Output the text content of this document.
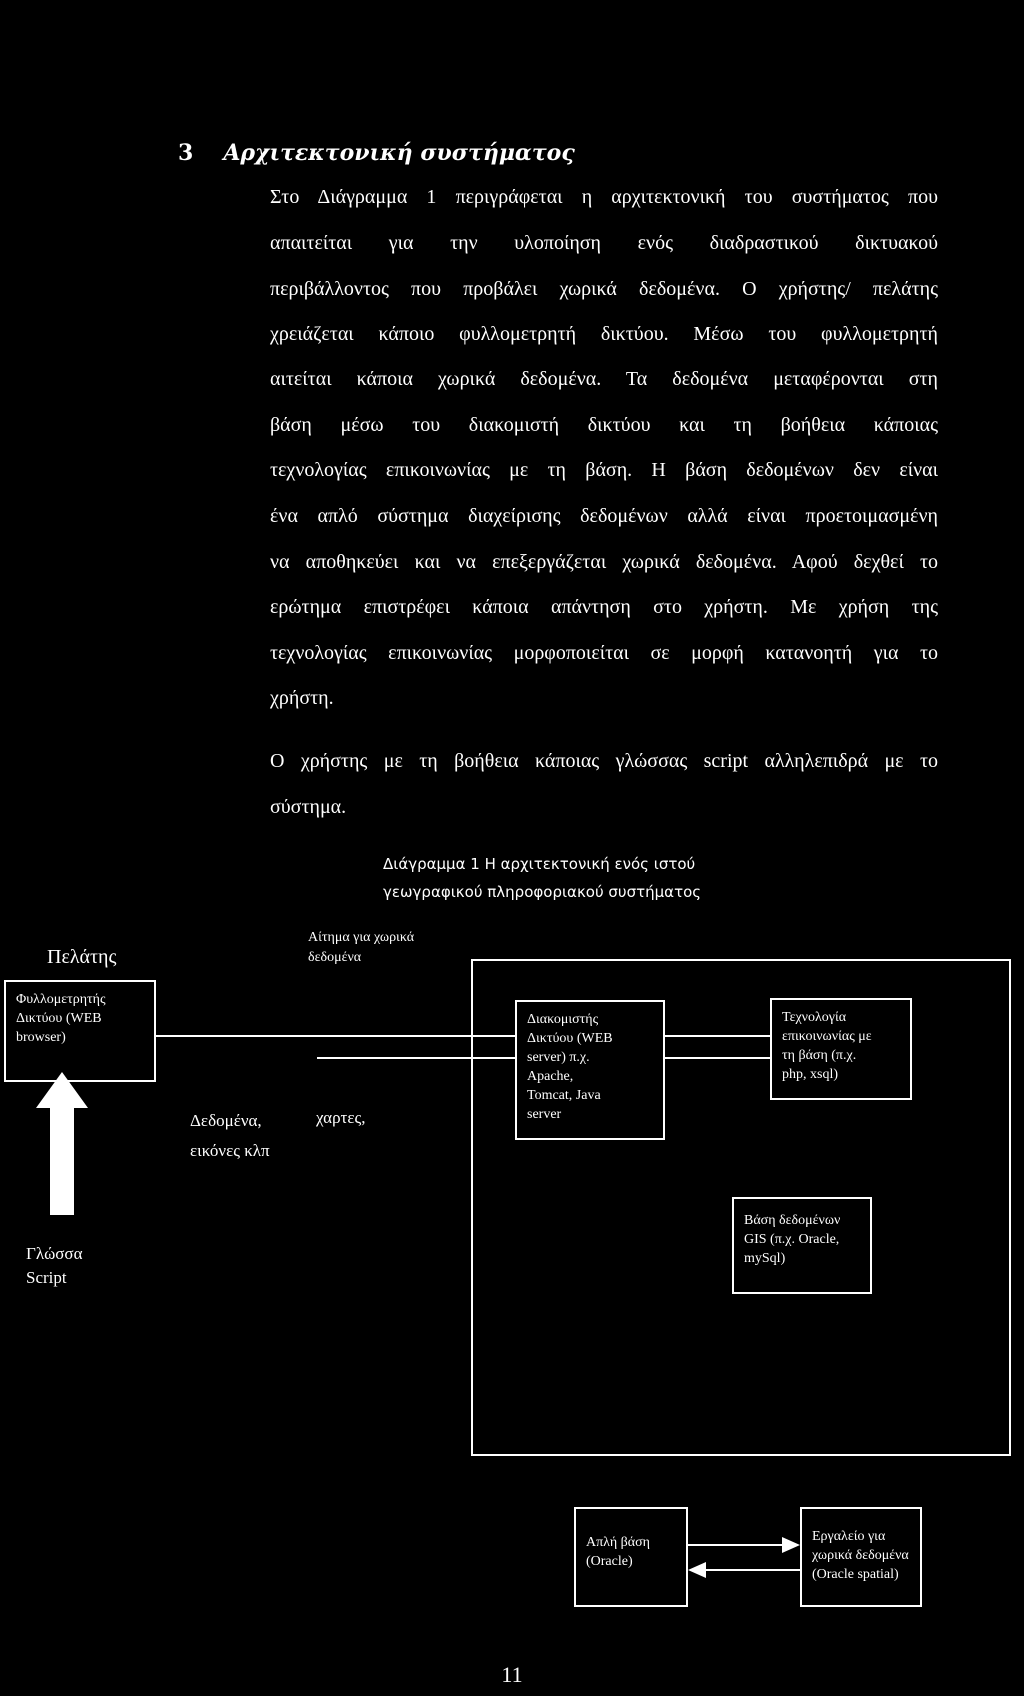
3 Αρχιτεκτονική συστήματος
Στο Διάγραμμα 1 περιγράφεται η αρχιτεκτονική του συστήματος που
απαιτείται για την υλοποίηση ενός διαδραστικού δικτυακού
περιβάλλοντος που προβάλει χωρικά δεδομένα. Ο χρήστης/ πελάτης
χρειάζεται κάποιο φυλλομετρητή δικτύου. Μέσω του φυλλομετρητή
αιτείται κάποια χωρικά δεδομένα. Τα δεδομένα μεταφέρονται στη
βάση μέσω του διακομιστή δικτύου και τη βοήθεια κάποιας
τεχνολογίας επικοινωνίας με τη βάση. Η βάση δεδομένων δεν είναι
ένα απλό σύστημα διαχείρισης δεδομένων αλλά είναι προετοιμασμένη
να αποθηκεύει και να επεξεργάζεται χωρικά δεδομένα. Αφού δεχθεί το
ερώτημα επιστρέφει κάποια απάντηση στο χρήστη. Με χρήση της
τεχνολογίας επικοινωνίας μορφοποιείται σε μορφή κατανοητή για το
χρήστη.
Ο χρήστης με τη βοήθεια κάποιας γλώσσας script αλληλεπιδρά με το
σύστημα.
Διάγραμμα 1 Η αρχιτεκτονική ενός ιστού
γεωγραφικού πληροφοριακού συστήματος
Πελάτης
Αίτημα για χωρικά
δεδομένα
Φυλλομετρητής
Δικτύου (WEB
browser)
Δεδομένα,
εικόνες κλπ
χαρτες,
Γλώσσα
Script
Διακομιστής
Δικτύου (WEB
server) π.χ.
Apache,
Tomcat, Java
server
Τεχνολογία
επικοινωνίας με
τη βάση (π.χ.
php, xsql)
Βάση δεδομένων
GIS (π.χ. Oracle,
mySql)
Απλή βάση
(Oracle)
Εργαλείο για
χωρικά δεδομένα
(Oracle spatial)
11
